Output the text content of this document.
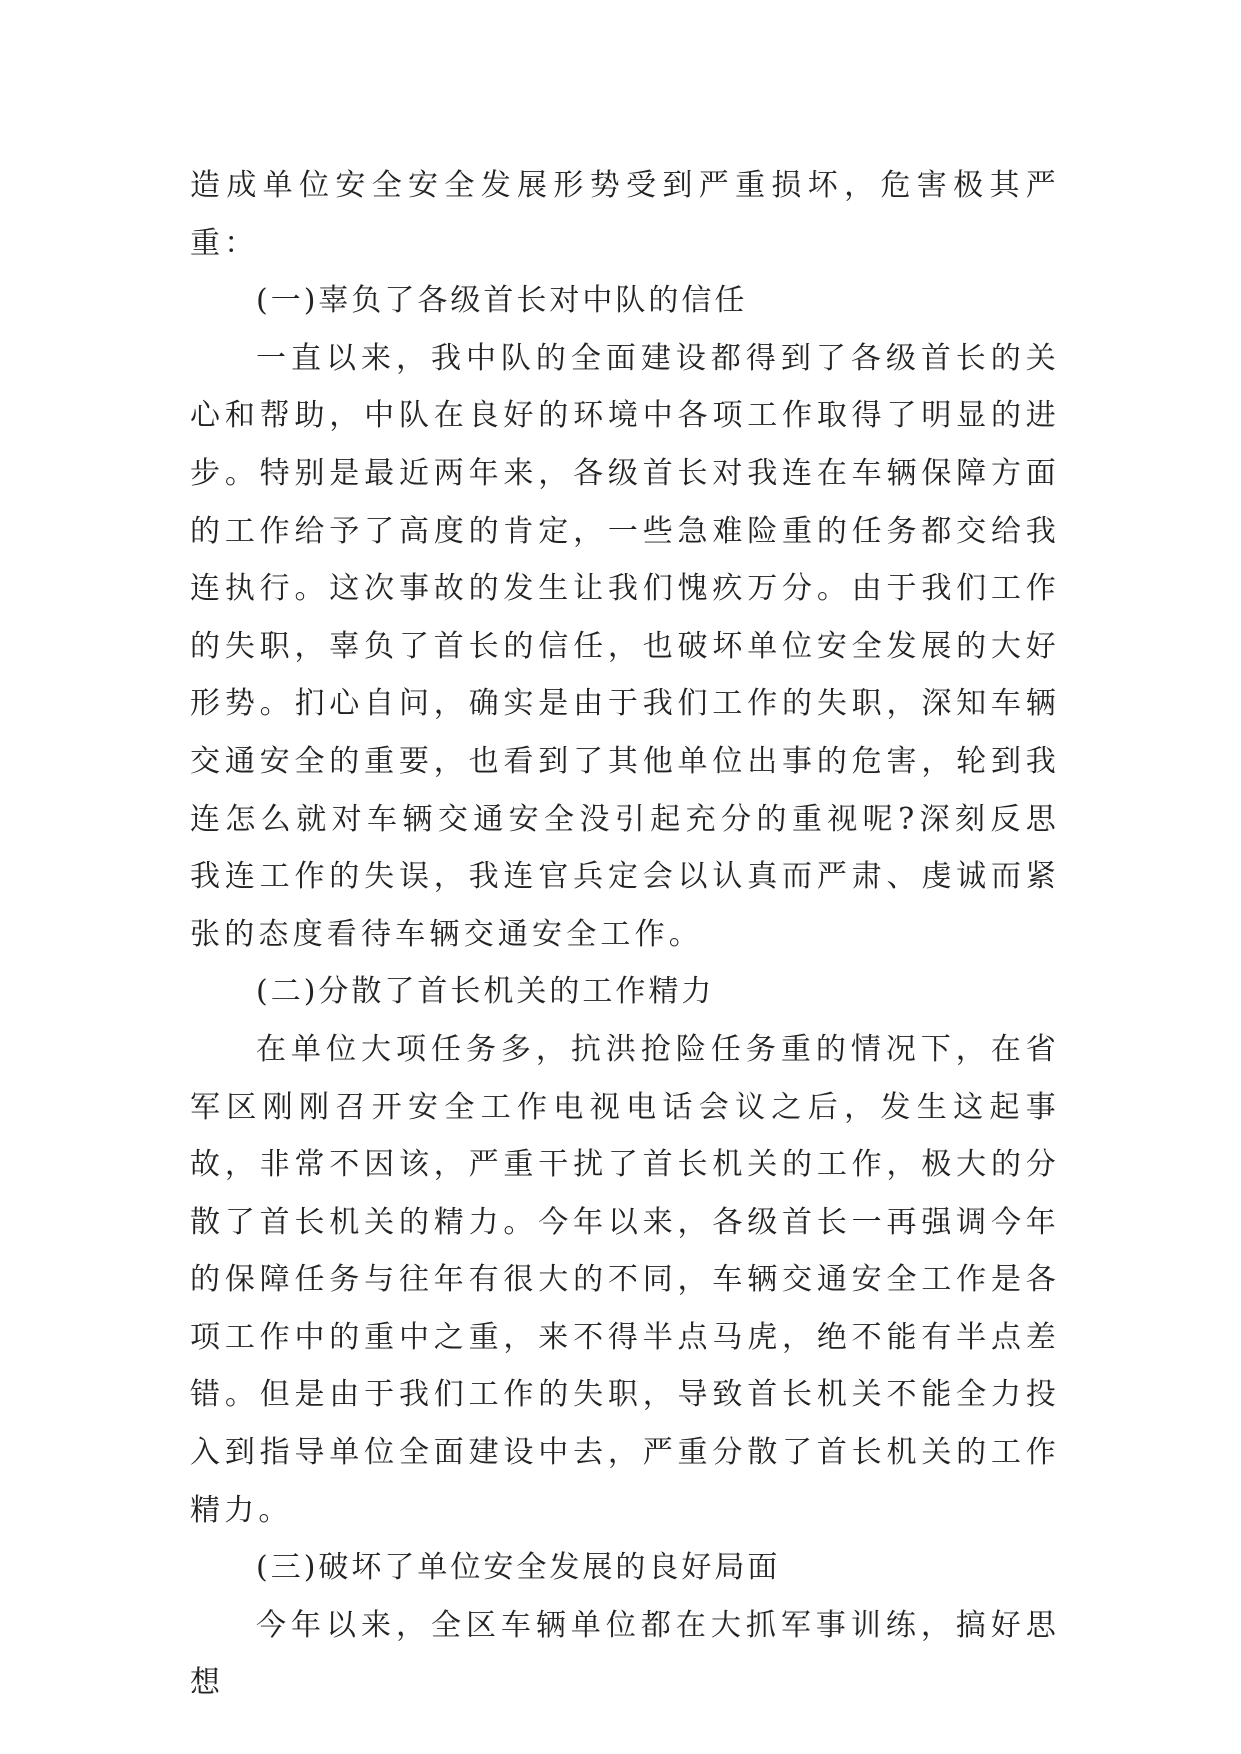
造成单位安全安全发展形势受到严重损坏，危害极其严重：

(一)辜负了各级首长对中队的信任

一直以来，我中队的全面建设都得到了各级首长的关心和帮助，中队在良好的环境中各项工作取得了明显的进步。特别是最近两年来，各级首长对我连在车辆保障方面的工作给予了高度的肯定，一些急难险重的任务都交给我连执行。这次事故的发生让我们愧疚万分。由于我们工作的失职，辜负了首长的信任，也破坏单位安全发展的大好形势。扪心自问，确实是由于我们工作的失职，深知车辆交通安全的重要，也看到了其他单位出事的危害，轮到我连怎么就对车辆交通安全没引起充分的重视呢?深刻反思我连工作的失误，我连官兵定会以认真而严肃、虔诚而紧张的态度看待车辆交通安全工作。

(二)分散了首长机关的工作精力

在单位大项任务多，抗洪抢险任务重的情况下，在省军区刚刚召开安全工作电视电话会议之后，发生这起事故，非常不因该，严重干扰了首长机关的工作，极大的分散了首长机关的精力。今年以来，各级首长一再强调今年的保障任务与往年有很大的不同，车辆交通安全工作是各项工作中的重中之重，来不得半点马虎，绝不能有半点差错。但是由于我们工作的失职，导致首长机关不能全力投入到指导单位全面建设中去，严重分散了首长机关的工作精力。

(三)破坏了单位安全发展的良好局面

今年以来，全区车辆单位都在大抓军事训练，搞好思想
